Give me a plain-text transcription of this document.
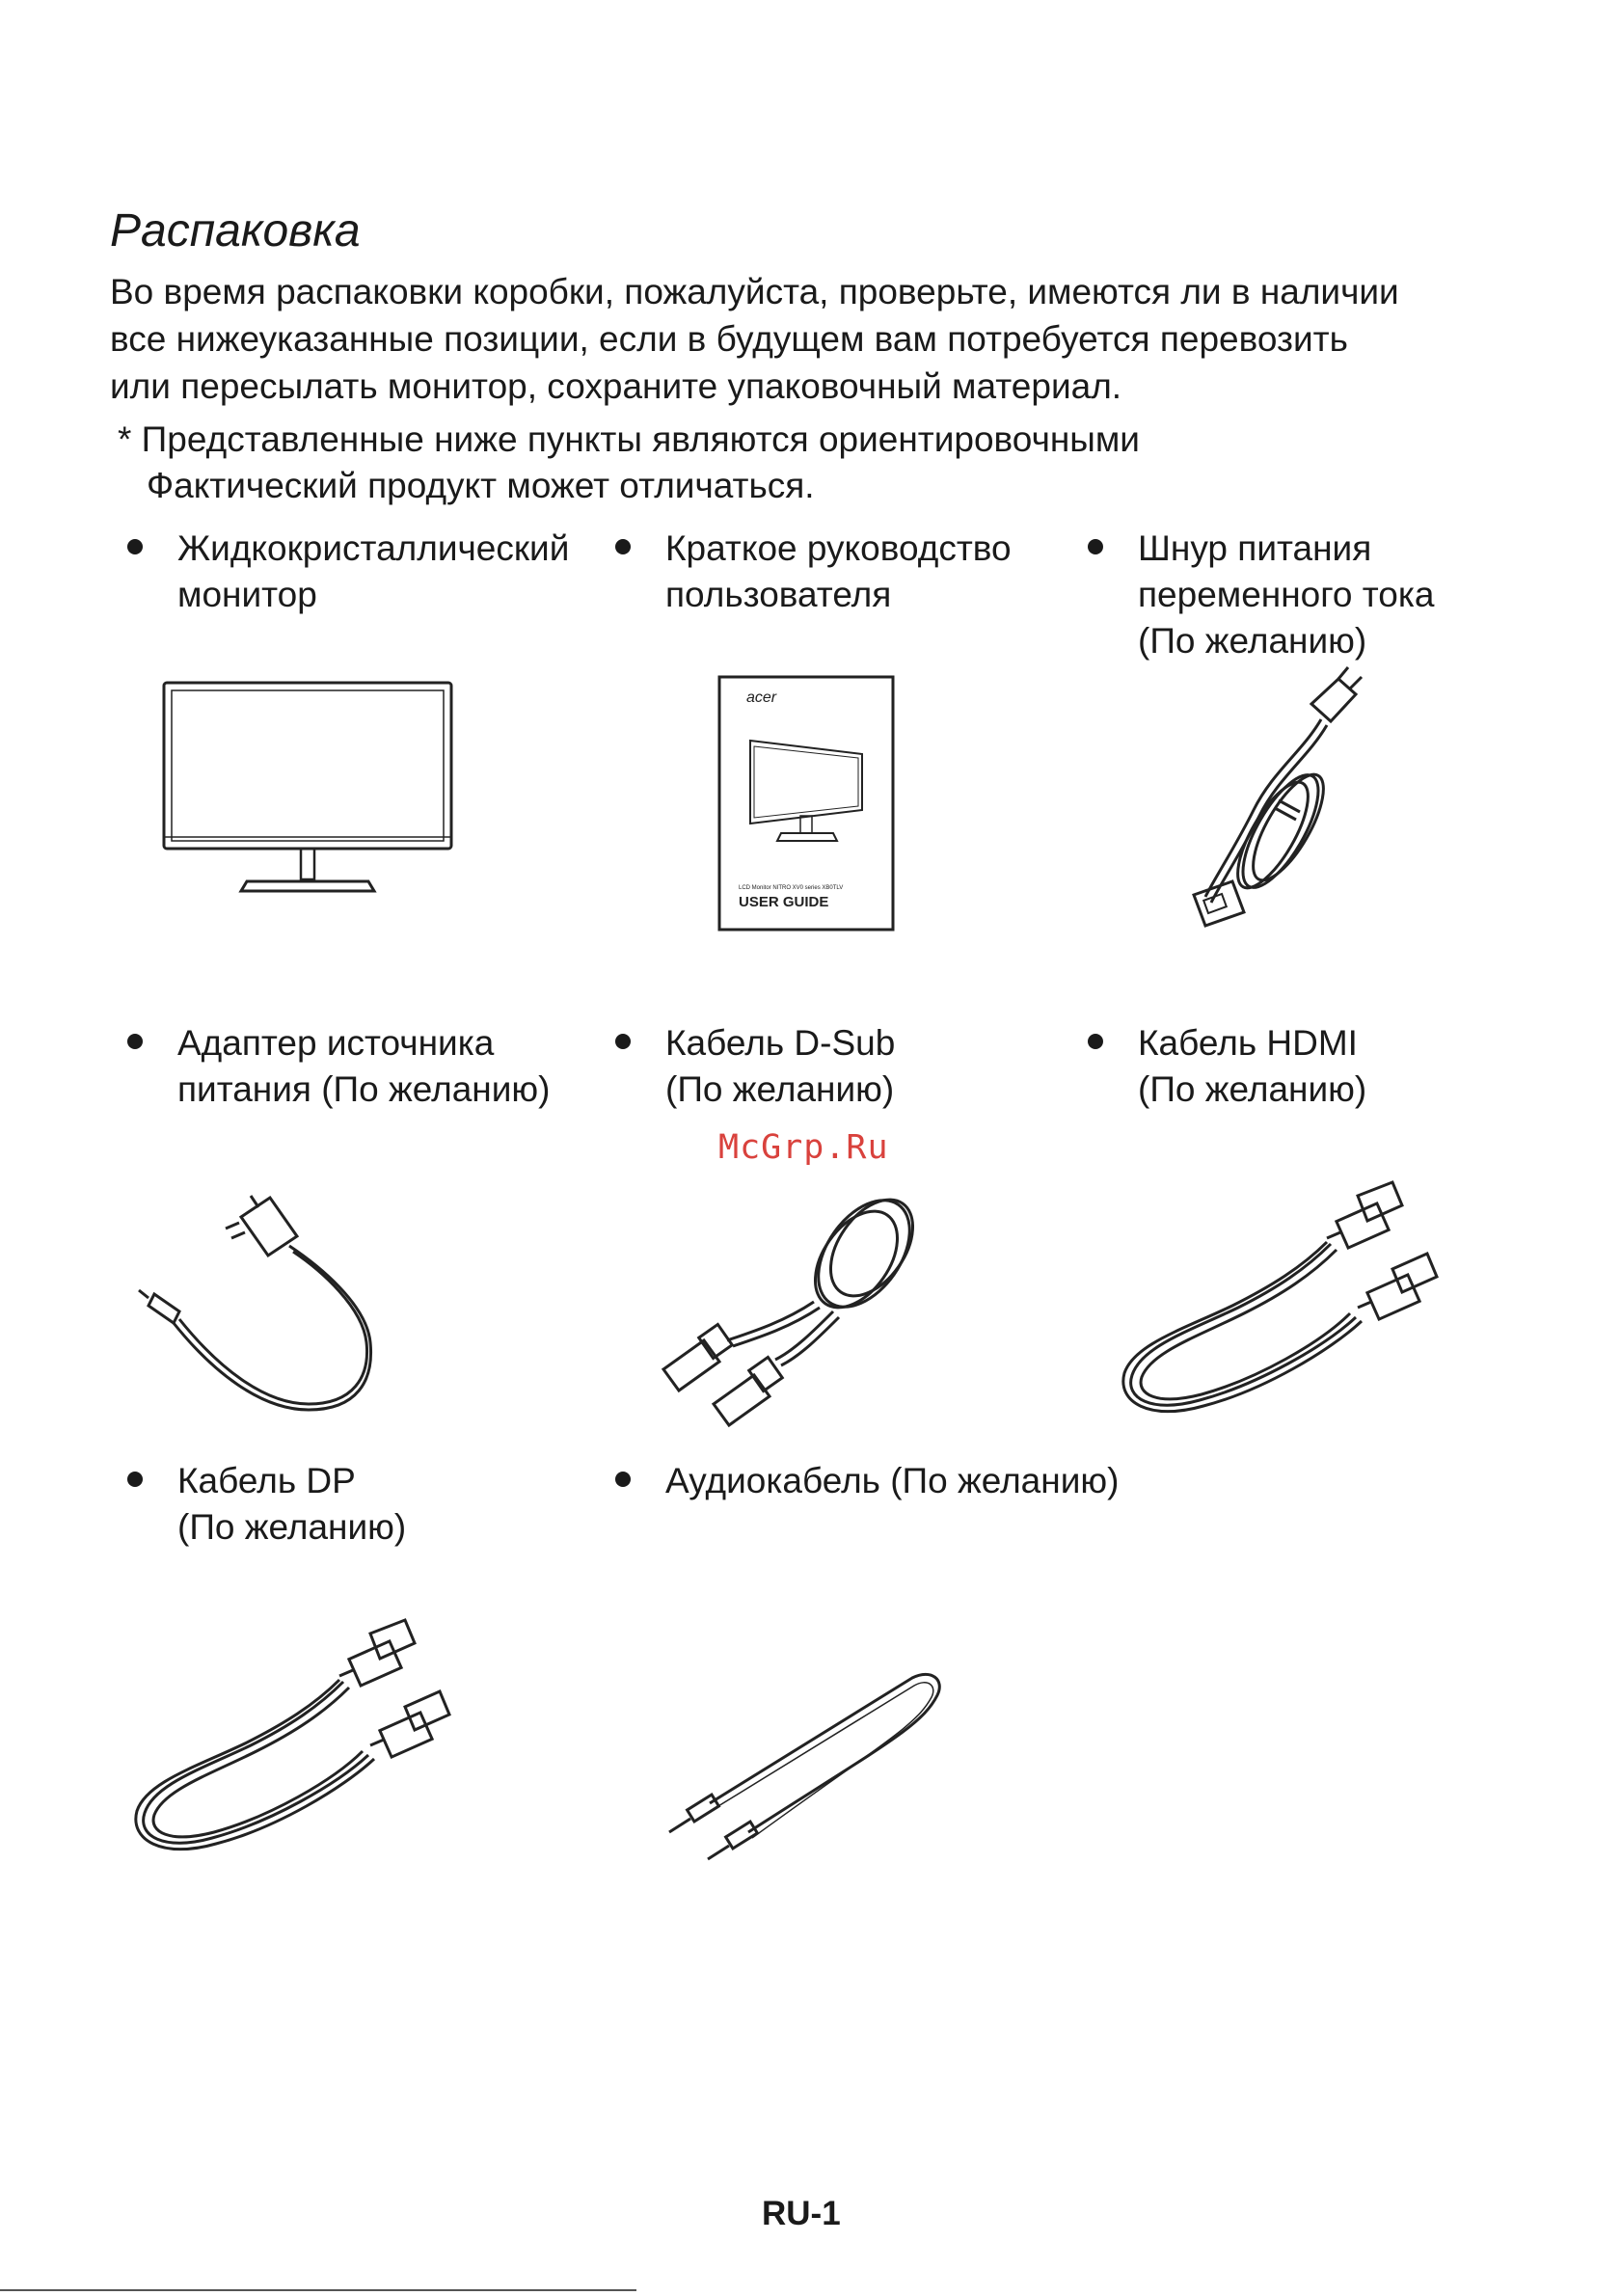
Распаковка
Во время распаковки коробки, пожалуйста, проверьте, имеются ли в наличии
все нижеуказанные позиции, если в будущем вам потребуется перевозить
или пересылать монитор, сохраните упаковочный материал.
* Представленные ниже пункты являются ориентировочными
Фактический продукт может отличаться.
Жидкокристаллический
монитор
Краткое руководство
пользователя
Шнур питания
переменного тока
(По желанию)
Адаптер источника
питания (По желанию)
Кабель D-Sub
(По желанию)
Кабель HDMI
(По желанию)
Кабель DP
(По желанию)
Аудиокабель (По желанию)
acer
LCD Monitor NITRO XV0 series XB0TLV
USER GUIDE
McGrp.Ru
RU-1
